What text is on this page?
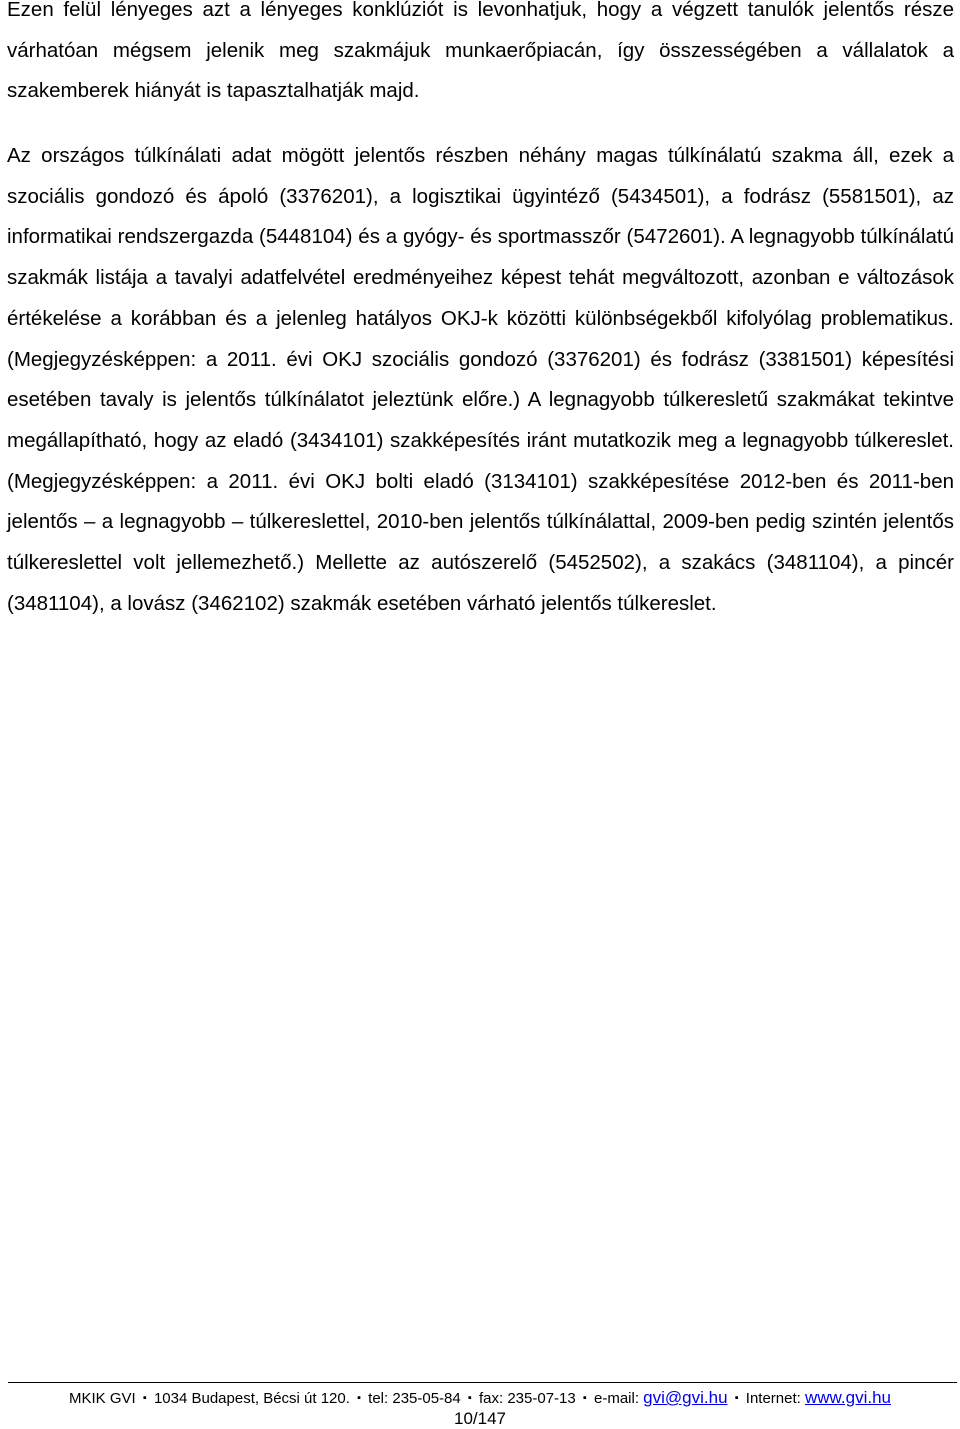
Ezen felül lényeges azt a lényeges konklúziót is levonhatjuk, hogy a végzett tanulók jelentős része várhatóan mégsem jelenik meg szakmájuk munkaerőpiacán, így összességében a vállalatok a szakemberek hiányát is tapasztalhatják majd.

Az országos túlkínálati adat mögött jelentős részben néhány magas túlkínálatú szakma áll, ezek a szociális gondozó és ápoló (3376201), a logisztikai ügyintéző (5434501), a fodrász (5581501), az informatikai rendszergazda (5448104) és a gyógy- és sportmasszőr (5472601). A legnagyobb túlkínálatú szakmák listája a tavalyi adatfelvétel eredményeihez képest tehát megváltozott, azonban e változások értékelése a korábban és a jelenleg hatályos OKJ-k közötti különbségekből kifolyólag problematikus. (Megjegyzésképpen: a 2011. évi OKJ szociális gondozó (3376201) és fodrász (3381501) képesítési esetében tavaly is jelentős túlkínálatot jeleztünk előre.) A legnagyobb túlkeresletű szakmákat tekintve megállapítható, hogy az eladó (3434101) szakképesítés iránt mutatkozik meg a legnagyobb túlkereslet. (Megjegyzésképpen: a 2011. évi OKJ bolti eladó (3134101) szakképesítése 2012-ben és 2011-ben jelentős – a legnagyobb – túlkereslettel, 2010-ben jelentős túlkínálattal, 2009-ben pedig szintén jelentős túlkereslettel volt jellemezhető.) Mellette az autószerelő (5452502), a szakács (3481104), a pincér (3481104), a lovász (3462102) szakmák esetében várható jelentős túlkereslet.

MKIK GVI ▪ 1034 Budapest, Bécsi út 120. ▪ tel: 235-05-84 ▪ fax: 235-07-13 ▪ e-mail: gvi@gvi.hu ▪ Internet: www.gvi.hu
10/147
